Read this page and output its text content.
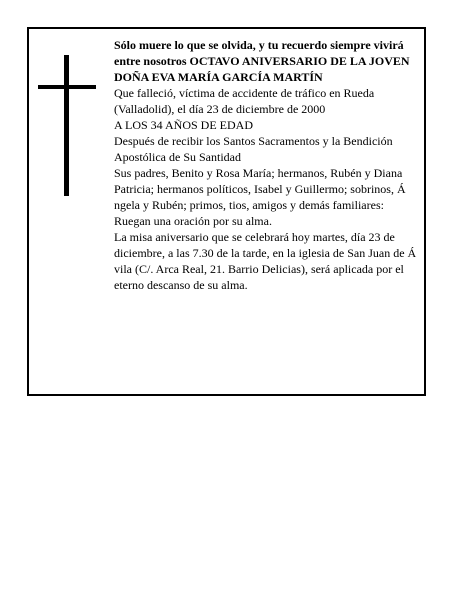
Sólo muere lo que se olvida, y tu recuerdo siempre vivirá entre nosotros OCTAVO ANIVERSARIO DE LA JOVEN

DOÑA EVA MARÍA GARCÍA MARTÍN

Que falleció, víctima de accidente de tráfico en Rueda (Valladolid), el día 23 de diciembre de 2000

A LOS 34 AÑOS DE EDAD

Después de recibir los Santos Sacramentos y la Bendición Apostólica de Su Santidad

Sus padres, Benito y Rosa María; hermanos, Rubén y Diana Patricia; hermanos políticos, Isabel y Guillermo; sobrinos, Á ngela y Rubén; primos, tios, amigos y demás familiares:

Ruegan una oración por su alma.

La misa aniversario que se celebrará hoy martes, día 23 de diciembre, a las 7.30 de la tarde, en la iglesia de San Juan de Á vila (C/. Arca Real, 21. Barrio Delicias), será aplicada por el eterno descanso de su alma.
